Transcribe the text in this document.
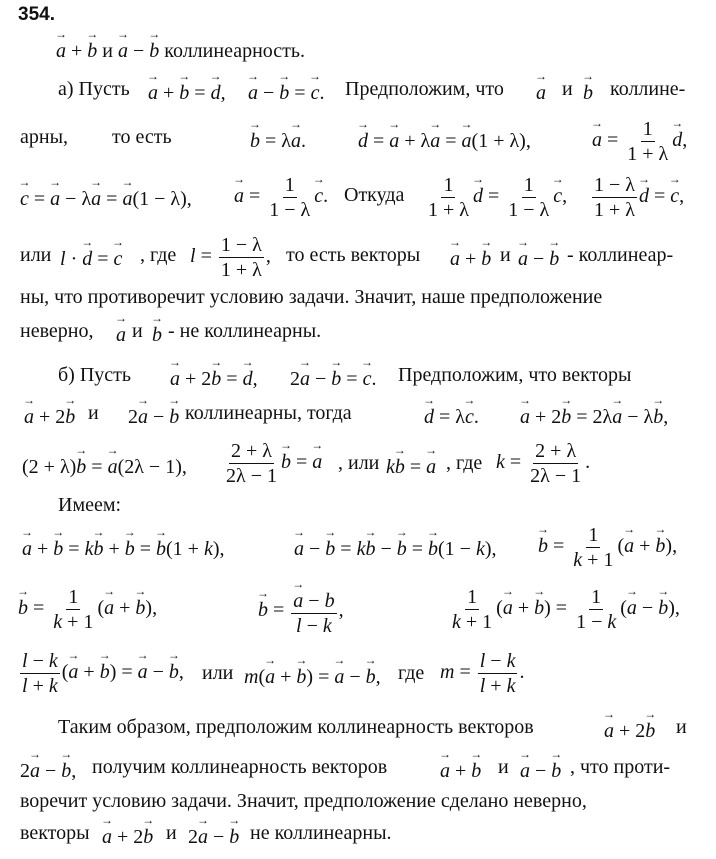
354.
→ a + → b и → a − → b коллинеарность.
а) Пусть
→ a + → b = → d,
→ a − → b = → c. Предположим, что
→ a и
→ b коллине-
арны, то есть
→	b = λ→ a.
→	d = → a + λ→ a = → a(1 + λ),
→	$a = \frac{1}{1 + \lambda}$
→ d,
→ c = → a − λ→ a = → a(1 − λ),
→ $a = \frac{1}{1 - \lambda}$
→ c. Откуда $\frac{1}{1 + \lambda}$
→ $d = \frac{1}{1 - \lambda}$
→ c, $\frac{1 - \lambda}{1 + \lambda}$
→ d = → c,
или l · → d = → c , где $l = \frac{1 - \lambda}{1 + \lambda}$ , то есть векторы
→ a + → b и
→ a − → b - коллинеар-
ны, что противоречит условию задачи. Значит, наше предположение
неверно,
→ a и
→ b - не коллинеарны.
б) Пусть
→ a + 2→ b = → d, 2→ a − → b = → c. Предположим, что векторы
→ a + 2→ b и 2→ a − → b коллинеарны, тогда
→	d = λ→ c.
→ a + 2→ b = 2λ→ a − λ→ b,
(2 + λ)→ b = → a(2λ − 1), $\frac{2 + \lambda}{2\lambda - 1}$
→ b = → a , или k→ b = → a , где $k = \frac{2 + \lambda}{2\lambda - 1}$ .
Имеем:
→ a + → b = k→ b + → b = → b(1 + k),
→	a − → b = k→ b − → b = → b(1 − k),
→ $b = \frac{1}{k + 1}$ (→ a + → b),
→ $b = \frac{1}{k + 1}$ (→ a + → b),
→	b =
→ $\frac{a - b}{l - k}$ ,	$\frac{1}{k + 1}$ (→ a + → $b) = \frac{1}{1 - k}$ (→ a − → b),
$\frac{l - k}{l + k}$ (→ a + → b) = → a − → b, или m(→ a + → b) = → a − → b, где $m = \frac{l - k}{l + k}$ .
Таким образом, предположим коллинеарность векторов
→	a + 2→ b и
2→ a − → b, получим коллинеарность векторов
→	a + → b и
→ a − → b , что проти-
воречит условию задачи. Значит, предположение сделано неверно,
векторы
→ a + 2→ b и 2→ a − → b не коллинеарны.
